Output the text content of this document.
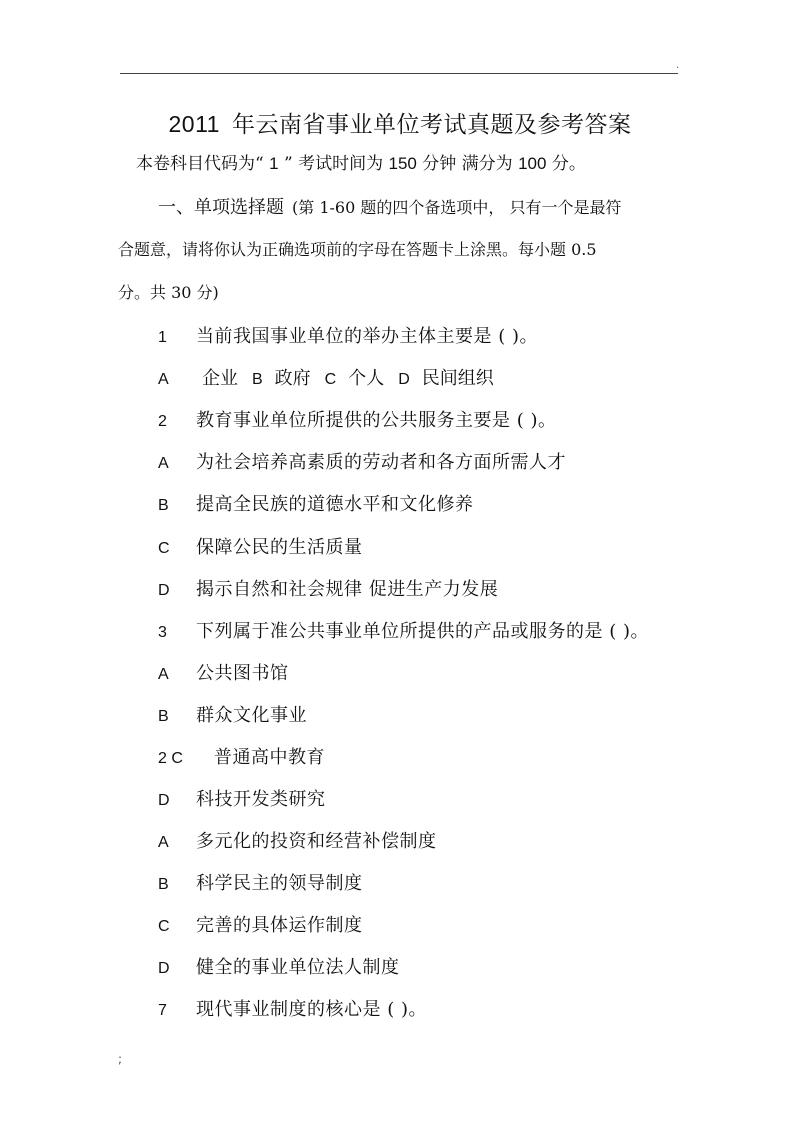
.
2011 年云南省事业单位考试真题及参考答案
本卷科目代码为“ 1 ” 考试时间为 150 分钟 满分为 100 分。
一、单项选择题 (第 1-60 题的四个备选项中， 只有一个是最符
合题意，请将你认为正确选项前的字母在答题卡上涂黑。每小题 0.5
分。共 30 分)
1 当前我国事业单位的举办主体主要是 ( )。
A 企业 B 政府 C 个人 D 民间组织
2 教育事业单位所提供的公共服务主要是 ( )。
A 为社会培养高素质的劳动者和各方面所需人才
B 提高全民族的道德水平和文化修养
C 保障公民的生活质量
D 揭示自然和社会规律 促进生产力发展
3 下列属于准公共事业单位所提供的产品或服务的是 ( )。
A 公共图书馆
B 群众文化事业
2 C 普通高中教育
D 科技开发类研究
A 多元化的投资和经营补偿制度
B 科学民主的领导制度
C 完善的具体运作制度
D 健全的事业单位法人制度
7 现代事业制度的核心是 ( )。
;
